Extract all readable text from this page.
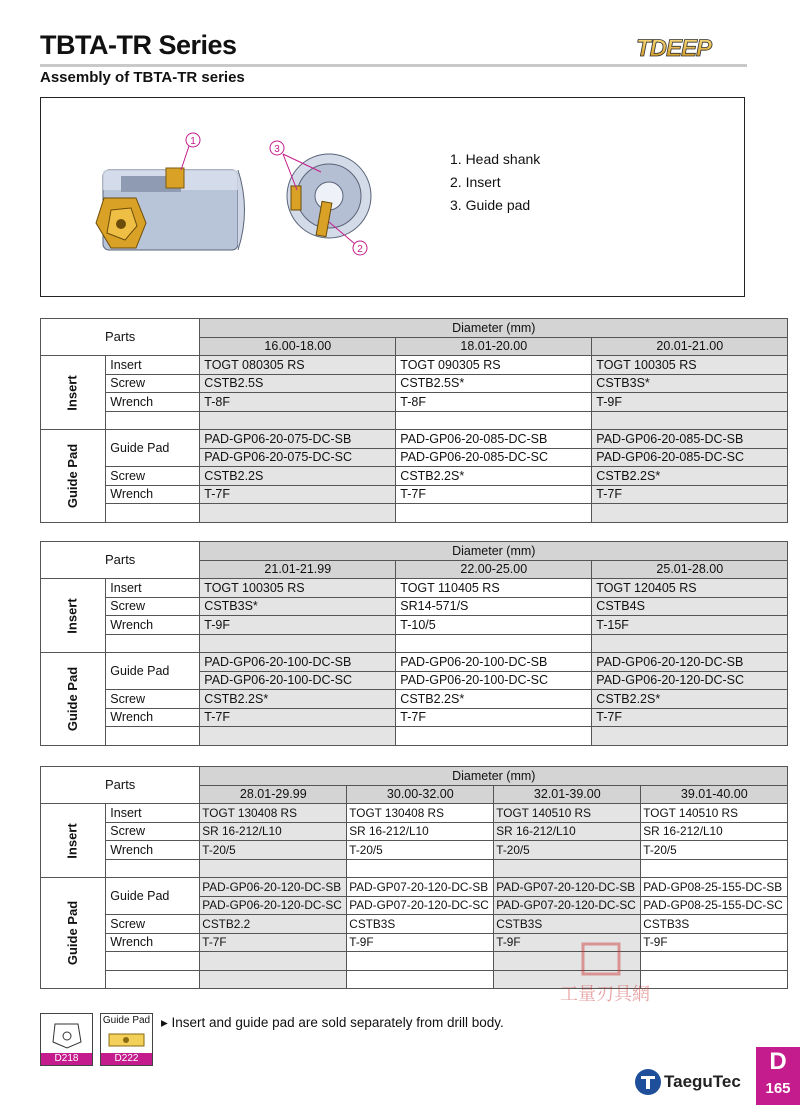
TBTA-TR Series
Assembly of TBTA-TR series
TDEEP
1
3
2
1. Head shank
2. Insert
3. Guide pad
Parts		Diameter (mm)		
		16.00-18.00	18.01-20.00	20.01-21.00
Insert	Insert	TOGT 080305 RS	TOGT 090305 RS	TOGT 100305 RS
	Screw	CSTB2.5S	CSTB2.5S*	CSTB3S*
	Wrench	T-8F	T-8F	T-9F

Guide Pad	Guide Pad	PAD-GP06-20-075-DC-SB	PAD-GP06-20-085-DC-SB	PAD-GP06-20-085-DC-SB
		PAD-GP06-20-075-DC-SC	PAD-GP06-20-085-DC-SC	PAD-GP06-20-085-DC-SC
	Screw	CSTB2.2S	CSTB2.2S*	CSTB2.2S*
	Wrench	T-7F	T-7F	T-7F

Parts		Diameter (mm)		
		21.01-21.99	22.00-25.00	25.01-28.00
Insert	Insert	TOGT 100305 RS	TOGT 110405 RS	TOGT 120405 RS
	Screw	CSTB3S*	SR14-571/S	CSTB4S
	Wrench	T-9F	T-10/5	T-15F

Guide Pad	Guide Pad	PAD-GP06-20-100-DC-SB	PAD-GP06-20-100-DC-SB	PAD-GP06-20-120-DC-SB
		PAD-GP06-20-100-DC-SC	PAD-GP06-20-100-DC-SC	PAD-GP06-20-120-DC-SC
	Screw	CSTB2.2S*	CSTB2.2S*	CSTB2.2S*
	Wrench	T-7F	T-7F	T-7F

Parts		Diameter (mm)			
		28.01-29.99	30.00-32.00	32.01-39.00	39.01-40.00
Insert	Insert	TOGT 130408 RS	TOGT 130408 RS	TOGT 140510 RS	TOGT 140510 RS
	Screw	SR 16-212/L10	SR 16-212/L10	SR 16-212/L10	SR 16-212/L10
	Wrench	T-20/5	T-20/5	T-20/5	T-20/5

Guide Pad	Guide Pad	PAD-GP06-20-120-DC-SB	PAD-GP07-20-120-DC-SB	PAD-GP07-20-120-DC-SB	PAD-GP08-25-155-DC-SB
		PAD-GP06-20-120-DC-SC	PAD-GP07-20-120-DC-SC	PAD-GP07-20-120-DC-SC	PAD-GP08-25-155-DC-SC
	Screw	CSTB2.2	CSTB3S	CSTB3S	CSTB3S
	Wrench	T-7F	T-9F	T-9F	T-9F

D218
Guide Pad
D222
▸ Insert and guide pad are sold separately from drill body.
工量刃具網
TaeguTec
D
165
